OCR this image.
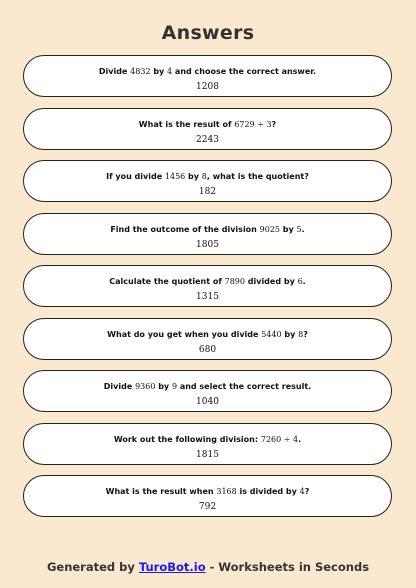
Answers
Divide 4832 by 4 and choose the correct answer.
1208
What is the result of 6729 ÷ 3?
2243
If you divide 1456 by 8, what is the quotient?
182
Find the outcome of the division 9025 by 5.
1805
Calculate the quotient of 7890 divided by 6.
1315
What do you get when you divide 5440 by 8?
680
Divide 9360 by 9 and select the correct result.
1040
Work out the following division: 7260 ÷ 4.
1815
What is the result when 3168 is divided by 4?
792
Generated by TuroBot.io - Worksheets in Seconds
